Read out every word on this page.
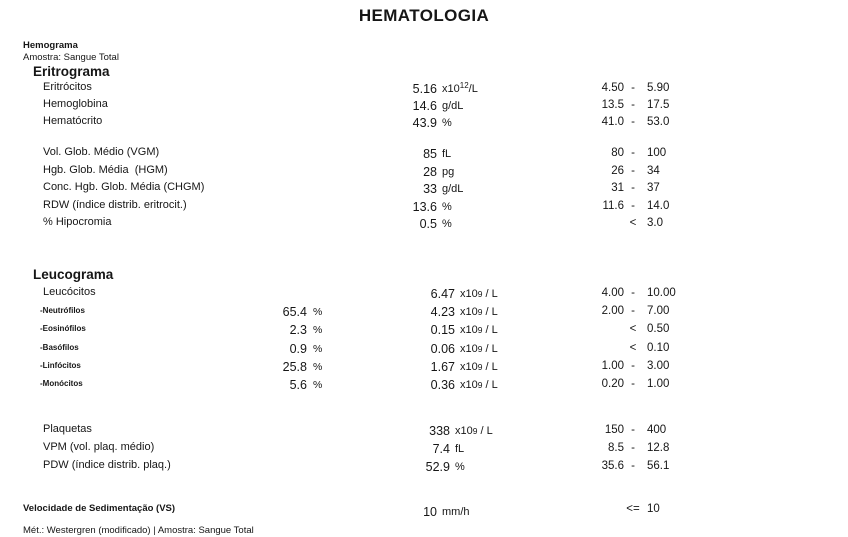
HEMATOLOGIA
Hemograma
Amostra: Sangue Total
Eritrograma
Eritrócitos	5.16 $x10^{12}/L$	4.50 -	5.90
Hemoglobina	14.6 g/dL	13.5 -	17.5
Hematócrito	43.9 %	41.0 -	53.0
Vol. Glob. Médio (VGM)	85 fL	80 -	100
Hgb. Glob. Média  (HGM)	28 pg	26 -	34
Conc. Hgb. Glob. Média (CHGM)	33 g/dL	31 -	37
RDW (índice distrib. eritrocit.)	13.6 %	11.6 -	14.0
% Hipocromia	0.5 %	< 3.0
Leucograma
Leucócitos	6.47 x109 / L	4.00 -	10.00
-Neutrófilos	65.4 %	4.23 x109 / L	2.00 -	7.00
-Eosinófilos	2.3 %	0.15 x109 / L	< 0.50
-Basófilos	0.9 %	0.06 x109 / L	< 0.10
-Linfócitos	25.8 %	1.67 x109 / L	1.00 -	3.00
-Monócitos	5.6 %	0.36 x109 / L	0.20 -	1.00
Plaquetas	338 x109 / L	150 -	400
VPM (vol. plaq. médio)	7.4 fL	8.5 -	12.8
PDW (índice distrib. plaq.)	52.9 %	35.6 -	56.1
Velocidade de Sedimentação (VS)	10 mm/h	<= 10
Mét.: Westergren (modificado) | Amostra: Sangue Total
